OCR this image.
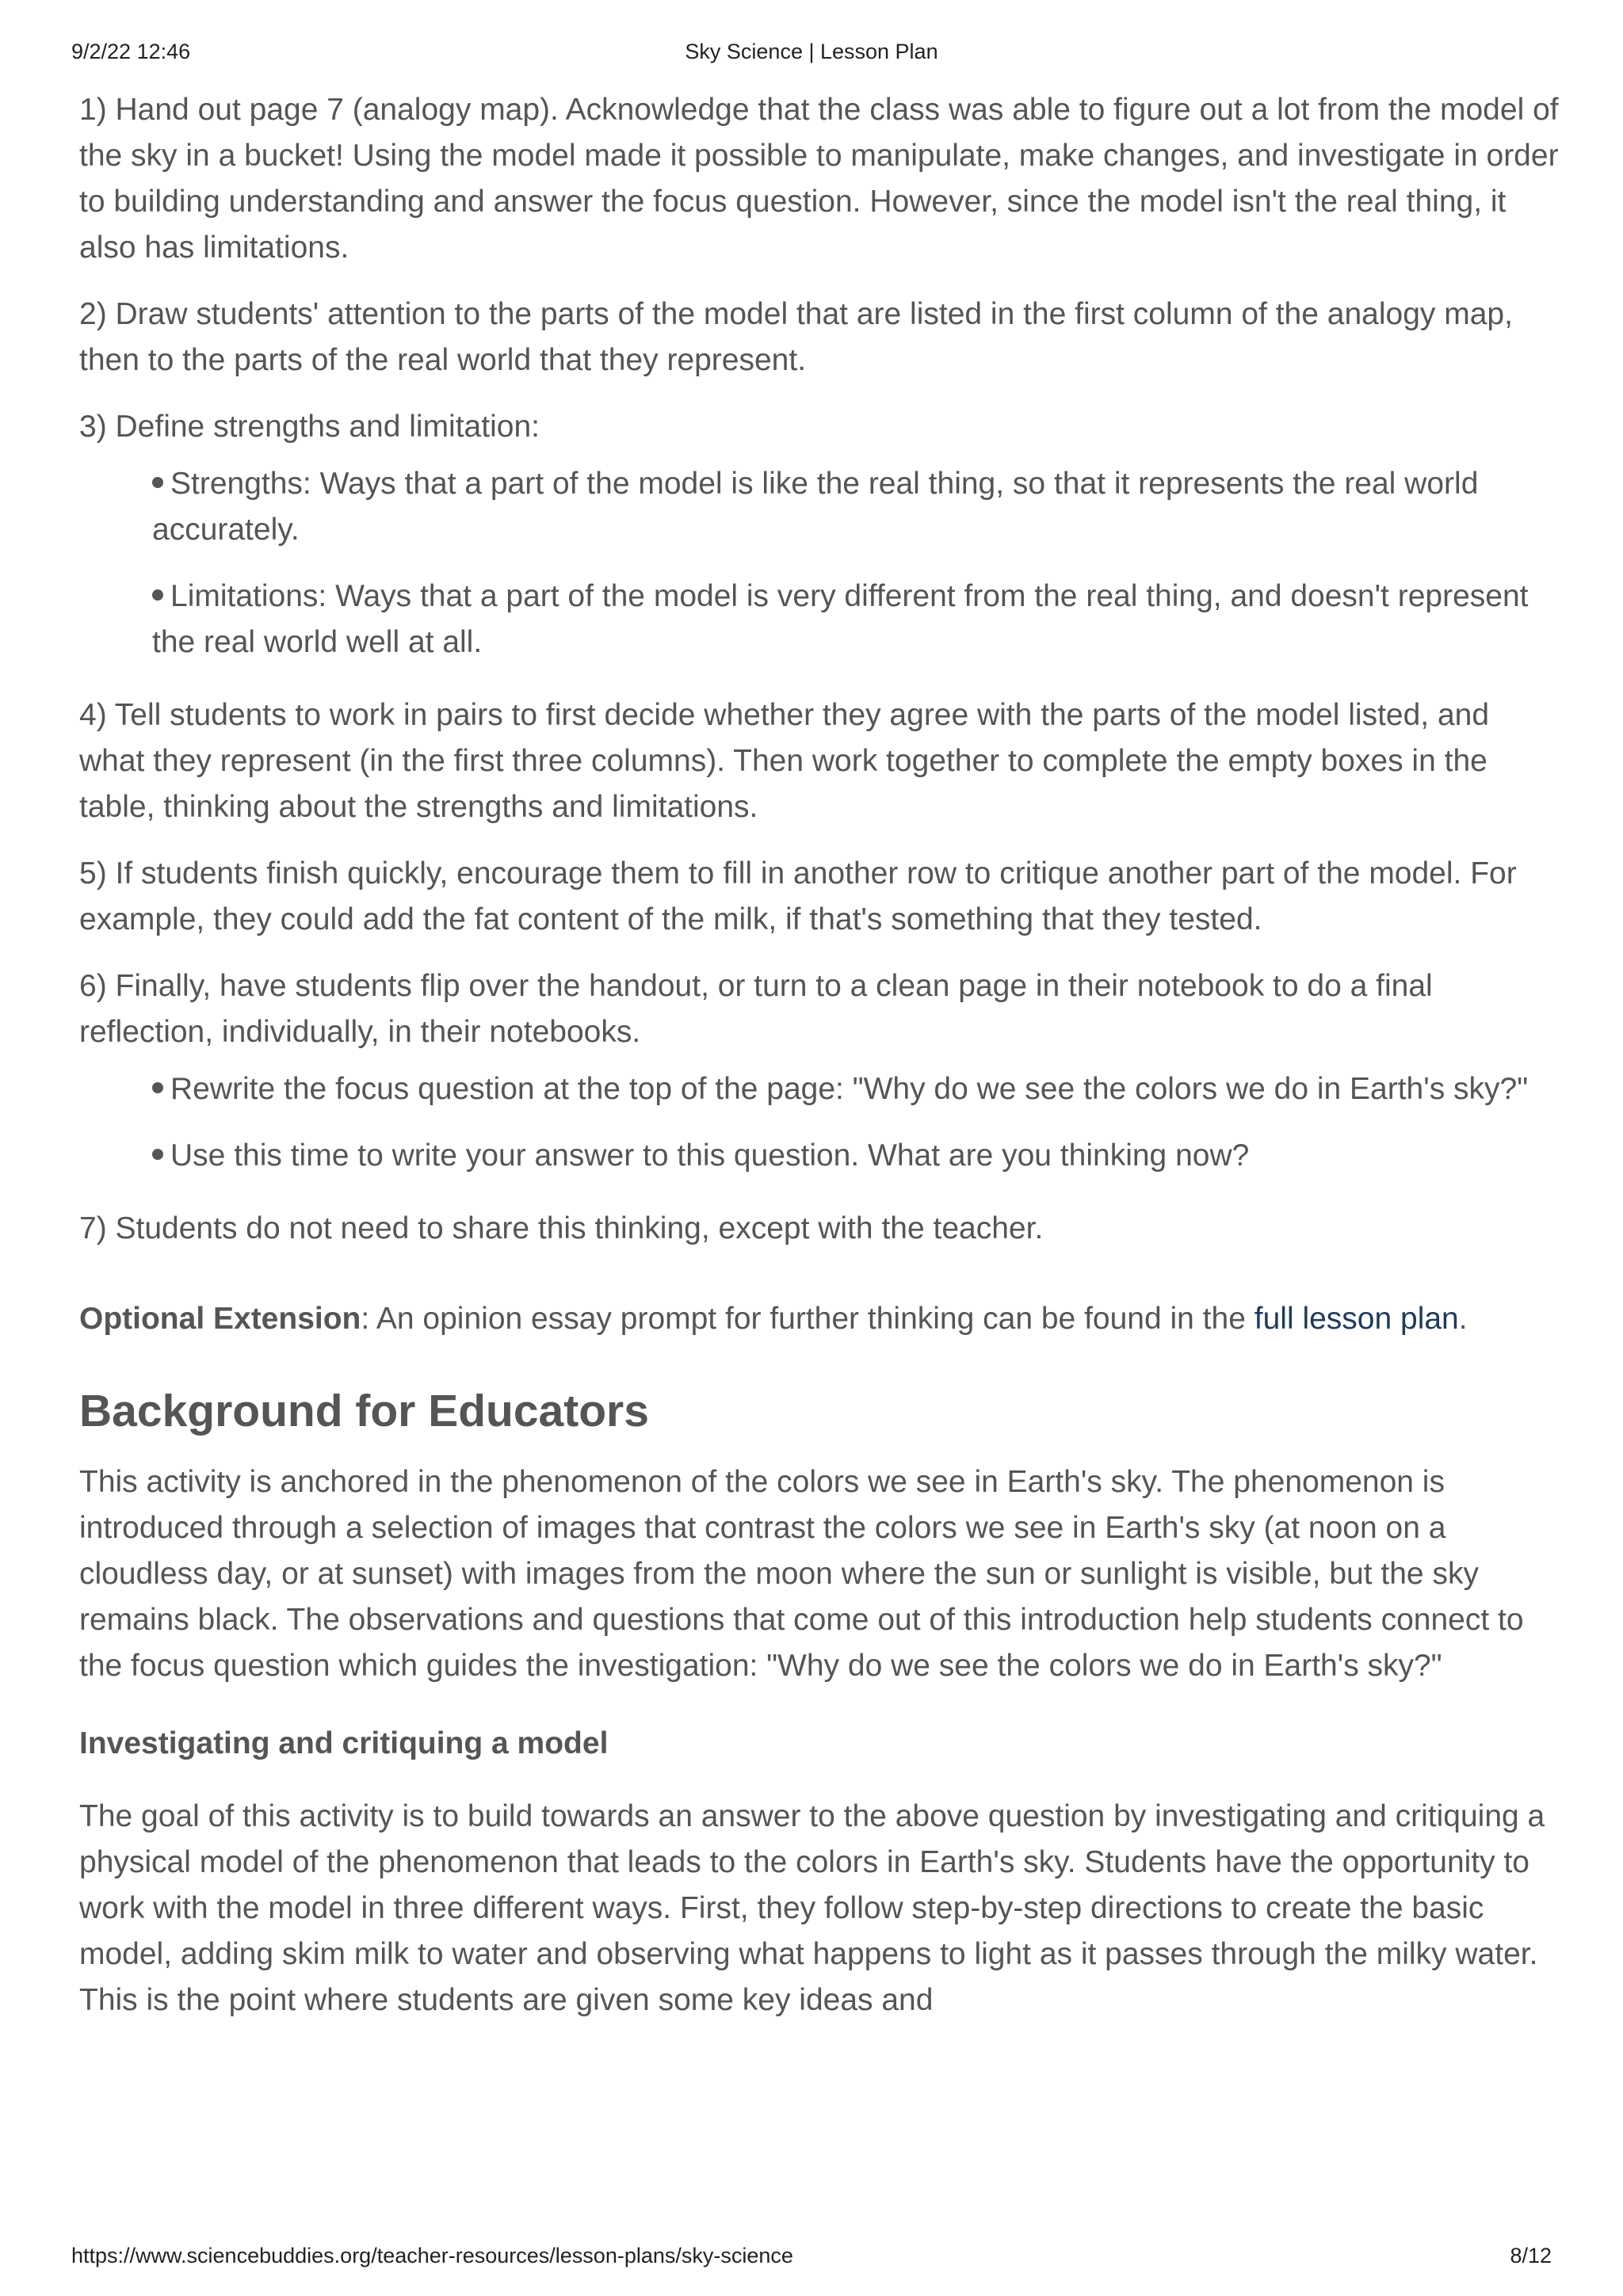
9/2/22 12:46	Sky Science | Lesson Plan

1) Hand out page 7 (analogy map). Acknowledge that the class was able to figure out a lot from the model of the sky in a bucket! Using the model made it possible to manipulate, make changes, and investigate in order to building understanding and answer the focus question. However, since the model isn't the real thing, it also has limitations.

2) Draw students' attention to the parts of the model that are listed in the first column of the analogy map, then to the parts of the real world that they represent.

3) Define strengths and limitation:

Strengths: Ways that a part of the model is like the real thing, so that it represents the real world accurately.
Limitations: Ways that a part of the model is very different from the real thing, and doesn't represent the real world well at all.

4) Tell students to work in pairs to first decide whether they agree with the parts of the model listed, and what they represent (in the first three columns). Then work together to complete the empty boxes in the table, thinking about the strengths and limitations.

5) If students finish quickly, encourage them to fill in another row to critique another part of the model. For example, they could add the fat content of the milk, if that's something that they tested.

6) Finally, have students flip over the handout, or turn to a clean page in their notebook to do a final reflection, individually, in their notebooks.

Rewrite the focus question at the top of the page: "Why do we see the colors we do in Earth's sky?"
Use this time to write your answer to this question. What are you thinking now?

7) Students do not need to share this thinking, except with the teacher.

Optional Extension: An opinion essay prompt for further thinking can be found in the full lesson plan.

Background for Educators

This activity is anchored in the phenomenon of the colors we see in Earth's sky. The phenomenon is introduced through a selection of images that contrast the colors we see in Earth's sky (at noon on a cloudless day, or at sunset) with images from the moon where the sun or sunlight is visible, but the sky remains black. The observations and questions that come out of this introduction help students connect to the focus question which guides the investigation: "Why do we see the colors we do in Earth's sky?"

Investigating and critiquing a model

The goal of this activity is to build towards an answer to the above question by investigating and critiquing a physical model of the phenomenon that leads to the colors in Earth's sky. Students have the opportunity to work with the model in three different ways. First, they follow step-by-step directions to create the basic model, adding skim milk to water and observing what happens to light as it passes through the milky water. This is the point where students are given some key ideas and

https://www.sciencebuddies.org/teacher-resources/lesson-plans/sky-science	8/12
